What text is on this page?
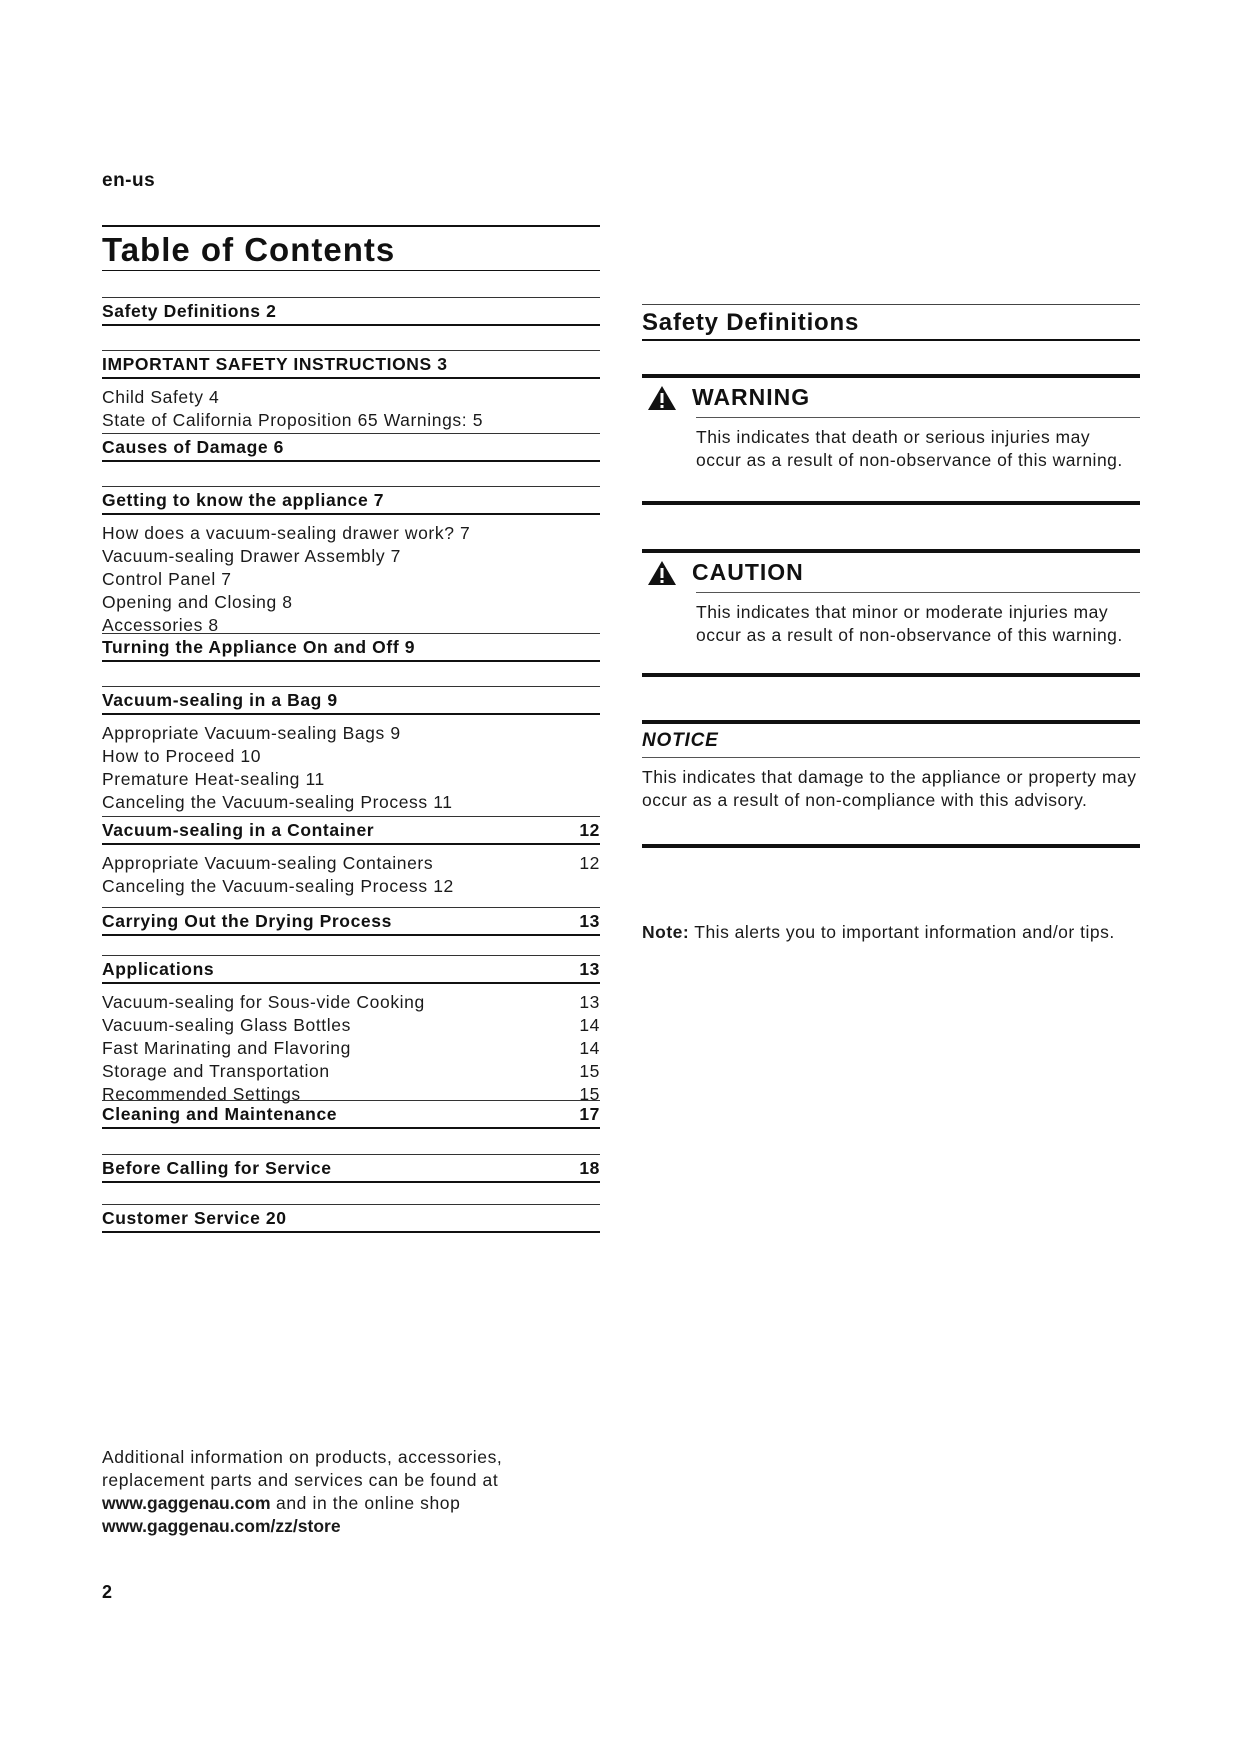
en-us
Table of Contents
Safety Definitions 2
IMPORTANT SAFETY INSTRUCTIONS 3
Child Safety 4
State of California Proposition 65 Warnings: 5
Causes of Damage 6
Getting to know the appliance 7
How does a vacuum-sealing drawer work? 7
Vacuum-sealing Drawer Assembly 7
Control Panel 7
Opening and Closing 8
Accessories 8
Turning the Appliance On and Off 9
Vacuum-sealing in a Bag 9
Appropriate Vacuum-sealing Bags 9
How to Proceed 10
Premature Heat-sealing 11
Canceling the Vacuum-sealing Process 11
Vacuum-sealing in a Container	12
Appropriate Vacuum-sealing Containers	12
Canceling the Vacuum-sealing Process 12
Carrying Out the Drying Process	13
Applications	13
Vacuum-sealing for Sous-vide Cooking	13
Vacuum-sealing Glass Bottles	14
Fast Marinating and Flavoring	14
Storage and Transportation	15
Recommended Settings	15
Cleaning and Maintenance	17
Before Calling for Service	18
Customer Service 20
Safety Definitions
WARNING
This indicates that death or serious injuries may occur as a result of non-observance of this warning.
CAUTION
This indicates that minor or moderate injuries may occur as a result of non-observance of this warning.
NOTICE
This indicates that damage to the appliance or property may occur as a result of non-compliance with this advisory.
Note: This alerts you to important information and/or tips.
Additional information on products, accessories, replacement parts and services can be found at www.gaggenau.com and in the online shop
www.gaggenau.com/zz/store
2
